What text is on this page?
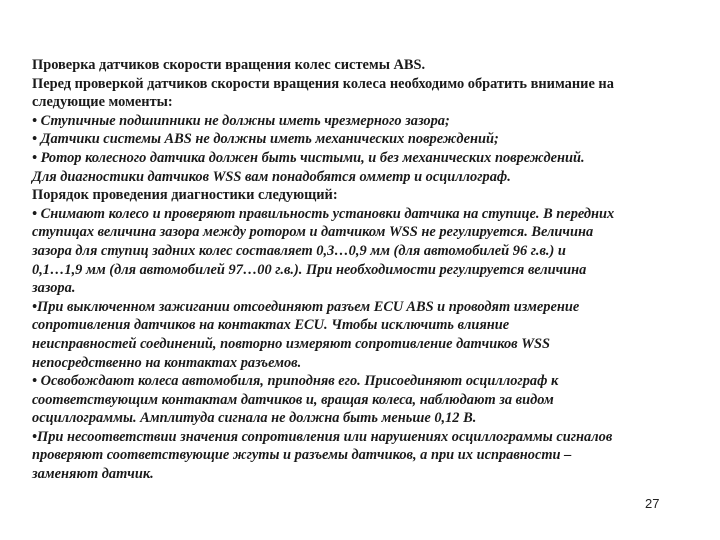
Проверка датчиков скорости вращения колес системы ABS.
Перед проверкой датчиков скорости вращения колеса необходимо обратить внимание на
следующие моменты:
• Ступичные подшипники не должны иметь чрезмерного зазора;
• Датчики системы ABS не должны иметь механических повреждений;
• Ротор колесного датчика должен быть чистыми, и без механических повреждений.
Для диагностики датчиков WSS вам понадобятся омметр и осциллограф.
Порядок проведения диагностики следующий:
• Снимают колесо и проверяют правильность установки датчика на ступице. В передних
ступицах величина зазора между ротором и датчиком WSS не регулируется. Величина
зазора для ступиц задних колес составляет 0,3…0,9 мм (для автомобилей 96 г.в.) и
0,1…1,9 мм (для автомобилей 97…00 г.в.). При необходимости регулируется величина
зазора.
•При выключенном зажигании отсоединяют разъем ECU ABS и проводят измерение
сопротивления датчиков на контактах ECU. Чтобы исключить влияние
неисправностей соединений, повторно измеряют сопротивление датчиков WSS
непосредственно на контактах разъемов.
• Освобождают колеса автомобиля, приподняв его. Присоединяют осциллограф к
соответствующим контактам датчиков и, вращая колеса, наблюдают за видом
осциллограммы. Амплитуда сигнала не должна быть меньше 0,12 В.
•При несоответствии значения сопротивления или нарушениях осциллограммы сигналов
проверяют соответствующие жгуты и разъемы датчиков, а при их исправности –
заменяют датчик.
27
